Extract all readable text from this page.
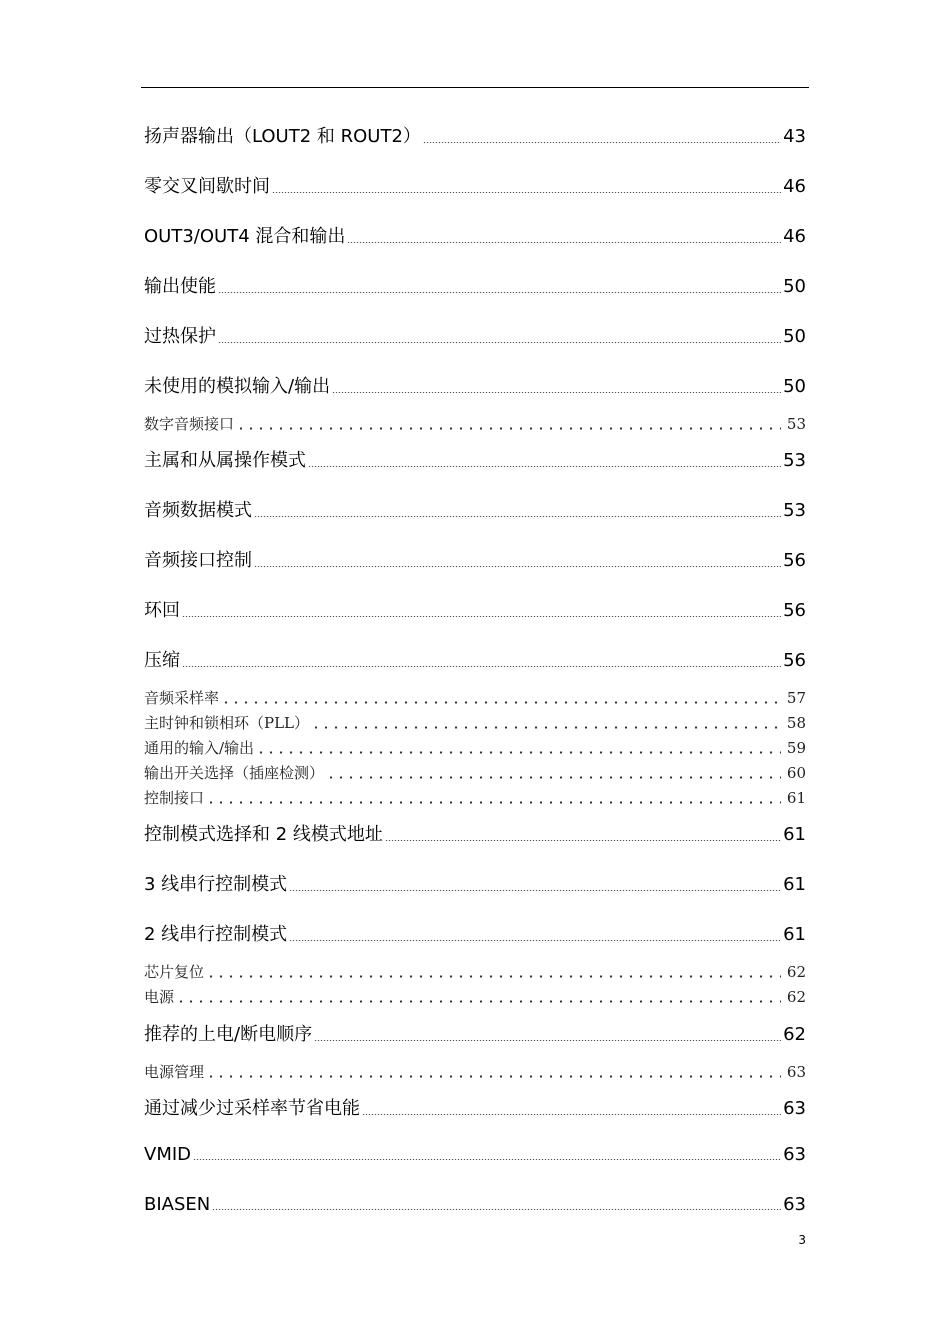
扬声器输出（LOUT2 和 ROUT2）	43
零交叉间歇时间	46
OUT3/OUT4 混合和输出	46
输出使能	50
过热保护	50
未使用的模拟输入/输出	50
数字音频接口	53
主属和从属操作模式	53
音频数据模式	53
音频接口控制	56
环回	56
压缩	56
音频采样率	57
主时钟和锁相环（PLL）	58
通用的输入/输出	59
输出开关选择（插座检测）	60
控制接口	61
控制模式选择和 2 线模式地址	61
3 线串行控制模式	61
2 线串行控制模式	61
芯片复位	62
电源	62
推荐的上电/断电顺序	62
电源管理	63
通过减少过采样率节省电能	63
VMID	63
BIASEN	63
3
